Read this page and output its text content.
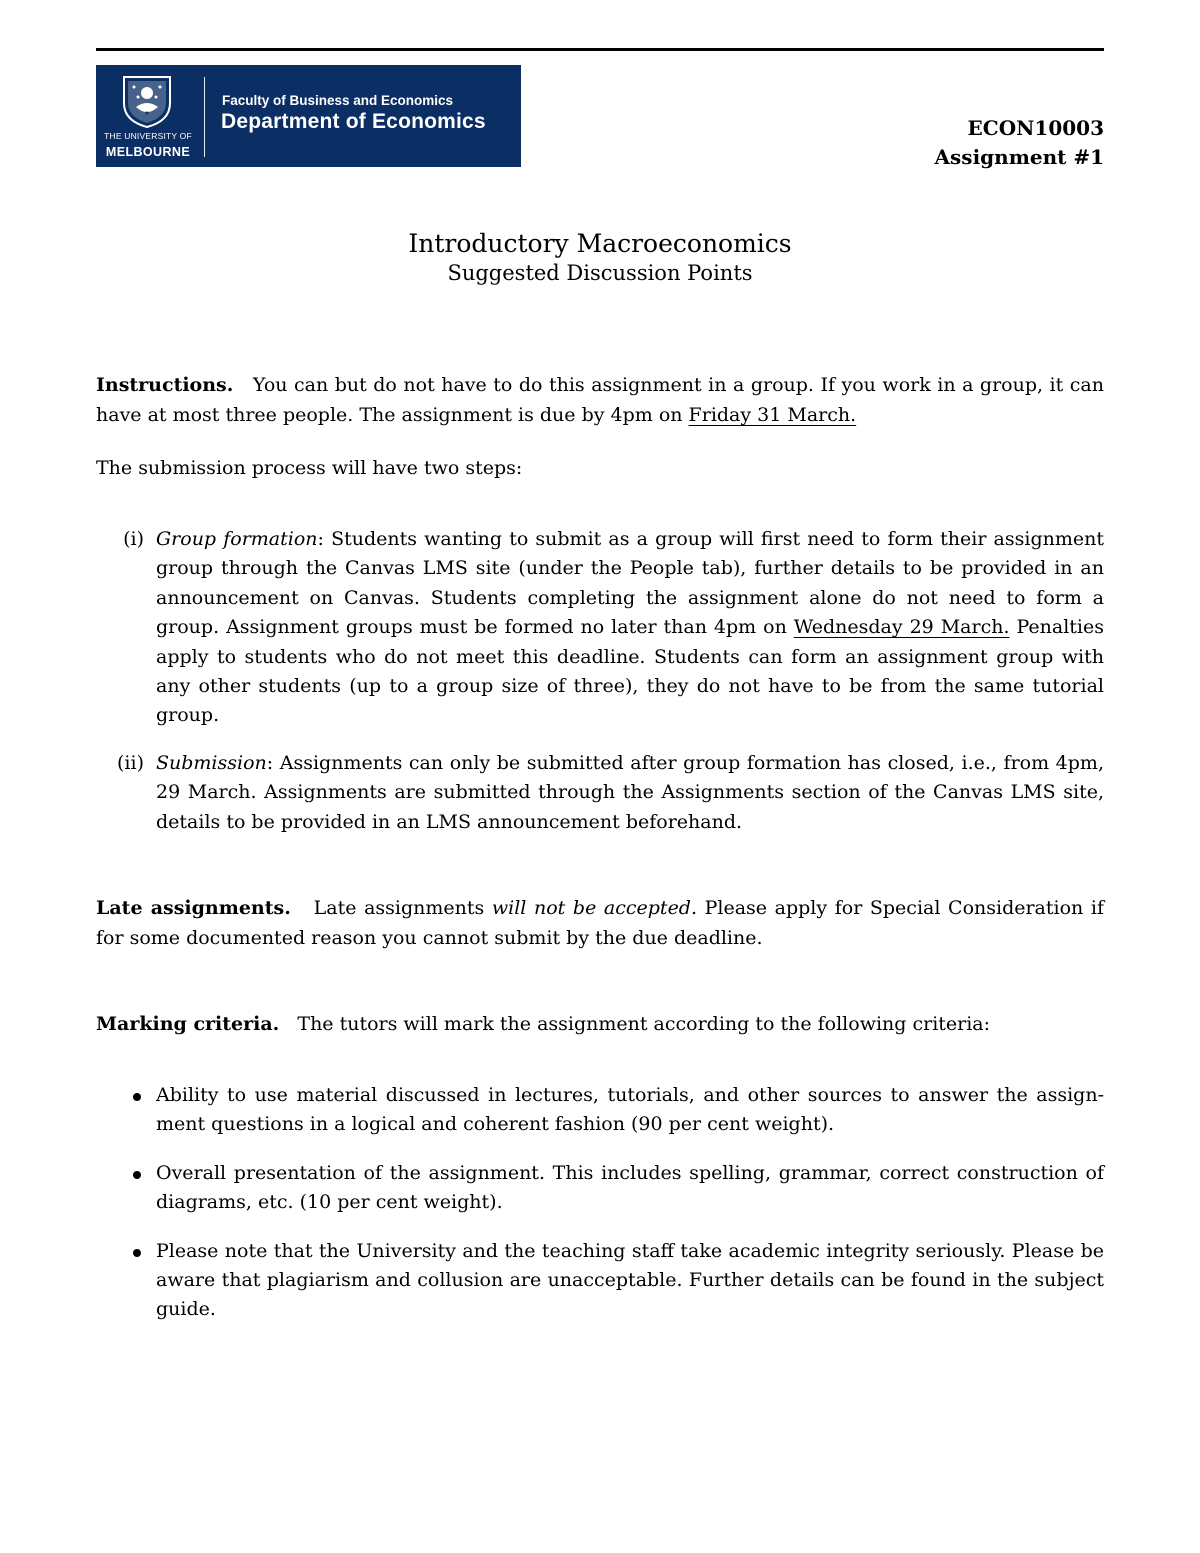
THE UNIVERSITY OF
MELBOURNE
Faculty of Business and Economics
Department of Economics	ECON10003
Assignment #1
Introductory Macroeconomics
Suggested Discussion Points
Instructions. You can but do not have to do this assignment in a group. If you work in a group, it can have at most three people. The assignment is due by 4pm on Friday 31 March.
The submission process will have two steps:
(i) Group formation: Students wanting to submit as a group will first need to form their assignment group through the Canvas LMS site (under the People tab), further details to be provided in an announcement on Canvas. Students completing the assignment alone do not need to form a group. Assignment groups must be formed no later than 4pm on Wednesday 29 March. Penalties apply to students who do not meet this deadline. Students can form an assignment group with any other students (up to a group size of three), they do not have to be from the same tutorial group.
(ii) Submission: Assignments can only be submitted after group formation has closed, i.e., from 4pm, 29 March. Assignments are submitted through the Assignments section of the Canvas LMS site, details to be provided in an LMS announcement beforehand.
Late assignments. Late assignments will not be accepted. Please apply for Special Consideration if for some documented reason you cannot submit by the due deadline.
Marking criteria. The tutors will mark the assignment according to the following criteria:
Ability to use material discussed in lectures, tutorials, and other sources to answer the assignment questions in a logical and coherent fashion (90 per cent weight).
Overall presentation of the assignment. This includes spelling, grammar, correct construction of diagrams, etc. (10 per cent weight).
Please note that the University and the teaching staff take academic integrity seriously. Please be aware that plagiarism and collusion are unacceptable. Further details can be found in the subject guide.
